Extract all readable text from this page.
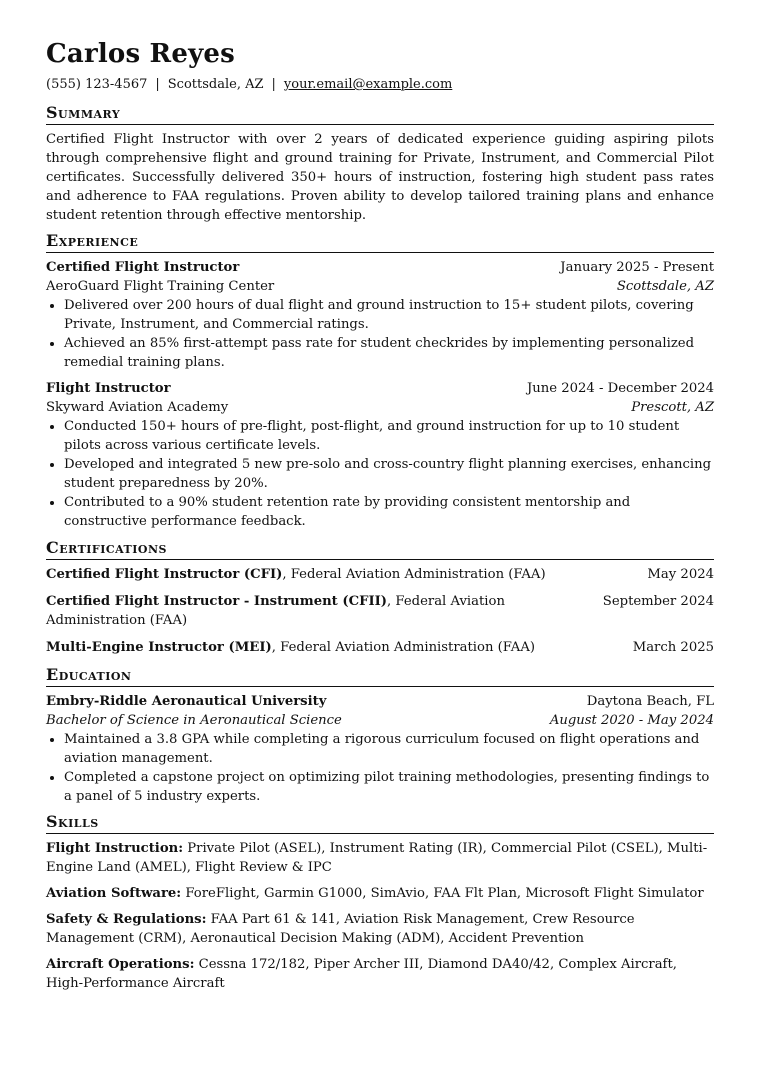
Carlos Reyes
(555) 123-4567 | Scottsdale, AZ | your.email@example.com
Summary
Certified Flight Instructor with over 2 years of dedicated experience guiding aspiring pilots through comprehensive flight and ground training for Private, Instrument, and Commercial Pilot certificates. Successfully delivered 350+ hours of instruction, fostering high student pass rates and adherence to FAA regulations. Proven ability to develop tailored training plans and enhance student retention through effective mentorship.
Experience
Certified Flight Instructor	January 2025 - Present
AeroGuard Flight Training Center	Scottsdale, AZ
• Delivered over 200 hours of dual flight and ground instruction to 15+ student pilots, covering Private, Instrument, and Commercial ratings.
• Achieved an 85% first-attempt pass rate for student checkrides by implementing personalized remedial training plans.
Flight Instructor	June 2024 - December 2024
Skyward Aviation Academy	Prescott, AZ
• Conducted 150+ hours of pre-flight, post-flight, and ground instruction for up to 10 student pilots across various certificate levels.
• Developed and integrated 5 new pre-solo and cross-country flight planning exercises, enhancing student preparedness by 20%.
• Contributed to a 90% student retention rate by providing consistent mentorship and constructive performance feedback.
Certifications
Certified Flight Instructor (CFI), Federal Aviation Administration (FAA)	May 2024
Certified Flight Instructor - Instrument (CFII), Federal Aviation Administration (FAA)
September 2024
Multi-Engine Instructor (MEI), Federal Aviation Administration (FAA)	March 2025
Education
Embry-Riddle Aeronautical University	Daytona Beach, FL
Bachelor of Science in Aeronautical Science	August 2020 - May 2024
• Maintained a 3.8 GPA while completing a rigorous curriculum focused on flight operations and aviation management.
• Completed a capstone project on optimizing pilot training methodologies, presenting findings to a panel of 5 industry experts.
Skills
Flight Instruction: Private Pilot (ASEL), Instrument Rating (IR), Commercial Pilot (CSEL), Multi-Engine Land (AMEL), Flight Review & IPC
Aviation Software: ForeFlight, Garmin G1000, SimAvio, FAA Flt Plan, Microsoft Flight Simulator
Safety & Regulations: FAA Part 61 & 141, Aviation Risk Management, Crew Resource Management (CRM), Aeronautical Decision Making (ADM), Accident Prevention
Aircraft Operations: Cessna 172/182, Piper Archer III, Diamond DA40/42, Complex Aircraft, High-Performance Aircraft
